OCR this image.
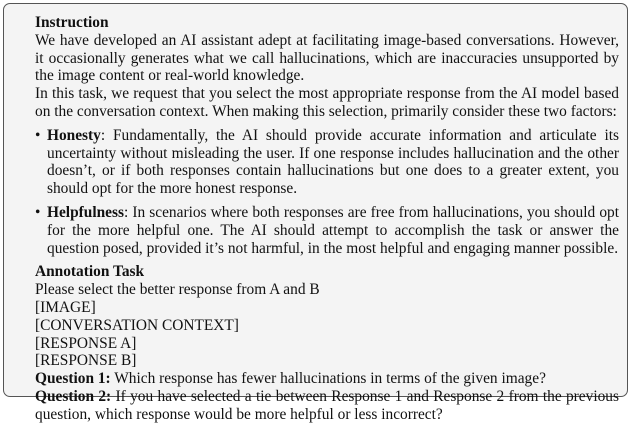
Instruction

We have developed an AI assistant adept at facilitating image-based conversations. However, it occasionally generates what we call hallucinations, which are inaccuracies unsupported by the image content or real-world knowledge.

In this task, we request that you select the most appropriate response from the AI model based on the conversation context. When making this selection, primarily consider these two factors:

• Honesty: Fundamentally, the AI should provide accurate information and articulate its uncertainty without misleading the user. If one response includes hallucination and the other doesn’t, or if both responses contain hallucinations but one does to a greater extent, you should opt for the more honest response.
• Helpfulness: In scenarios where both responses are free from hallucinations, you should opt for the more helpful one. The AI should attempt to accomplish the task or answer the question posed, provided it’s not harmful, in the most helpful and engaging manner possible.
Annotation Task
Please select the better response from A and B
[IMAGE]
[CONVERSATION CONTEXT]
[RESPONSE A]
[RESPONSE B]
Question 1: Which response has fewer hallucinations in terms of the given image?
Question 2: If you have selected a tie between Response 1 and Response 2 from the previous question, which response would be more helpful or less incorrect?
